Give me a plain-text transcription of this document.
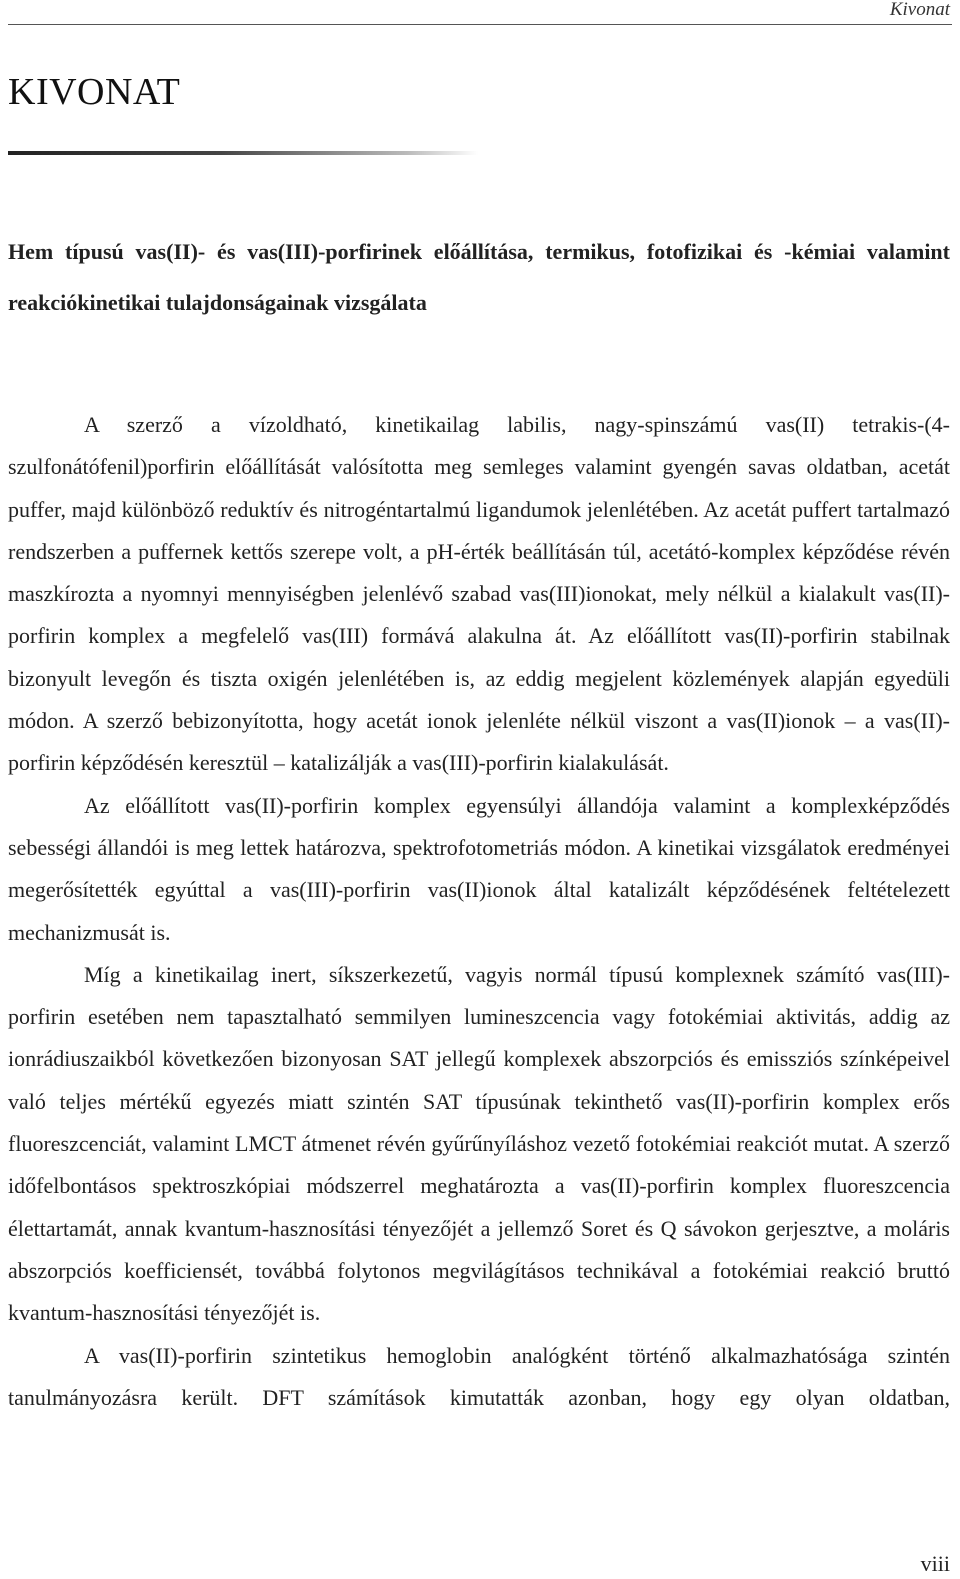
Kivonat
KIVONAT
Hem típusú vas(II)- és vas(III)-porfirinek előállítása, termikus, fotofizikai és -kémiai valamint reakciókinetikai tulajdonságainak vizsgálata

A szerző a vízoldható, kinetikailag labilis, nagy-spinszámú vas(II) tetrakis-(4-szulfonátófenil)porfirin előállítását valósította meg semleges valamint gyengén savas oldatban, acetát puffer, majd különböző reduktív és nitrogéntartalmú ligandumok jelenlétében. Az acetát puffert tartalmazó rendszerben a puffernek kettős szerepe volt, a pH-érték beállításán túl, acetátó-komplex képződése révén maszkírozta a nyomnyi mennyiségben jelenlévő szabad vas(III)ionokat, mely nélkül a kialakult vas(II)-porfirin komplex a megfelelő vas(III) formává alakulna át. Az előállított vas(II)-porfirin stabilnak bizonyult levegőn és tiszta oxigén jelenlétében is, az eddig megjelent közlemények alapján egyedüli módon. A szerző bebizonyította, hogy acetát ionok jelenléte nélkül viszont a vas(II)ionok – a vas(II)-porfirin képződésén keresztül – katalizálják a vas(III)-porfirin kialakulását.

Az előállított vas(II)-porfirin komplex egyensúlyi állandója valamint a komplexképződés sebességi állandói is meg lettek határozva, spektrofotometriás módon. A kinetikai vizsgálatok eredményei megerősítették egyúttal a vas(III)-porfirin vas(II)ionok által katalizált képződésének feltételezett mechanizmusát is.

Míg a kinetikailag inert, síkszerkezetű, vagyis normál típusú komplexnek számító vas(III)-porfirin esetében nem tapasztalható semmilyen lumineszcencia vagy fotokémiai aktivitás, addig az ionrádiuszaikból következően bizonyosan SAT jellegű komplexek abszorpciós és emissziós színképeivel való teljes mértékű egyezés miatt szintén SAT típusúnak tekinthető vas(II)-porfirin komplex erős fluoreszcenciát, valamint LMCT átmenet révén gyűrűnyíláshoz vezető fotokémiai reakciót mutat. A szerző időfelbontásos spektroszkópiai módszerrel meghatározta a vas(II)-porfirin komplex fluoreszcencia élettartamát, annak kvantum-hasznosítási tényezőjét a jellemző Soret és Q sávokon gerjesztve, a moláris abszorpciós koefficiensét, továbbá folytonos megvilágításos technikával a fotokémiai reakció bruttó kvantum-hasznosítási tényezőjét is.

A vas(II)-porfirin szintetikus hemoglobin analógként történő alkalmazhatósága szintén tanulmányozásra került. DFT számítások kimutatták azonban, hogy egy olyan oldatban,

viii
